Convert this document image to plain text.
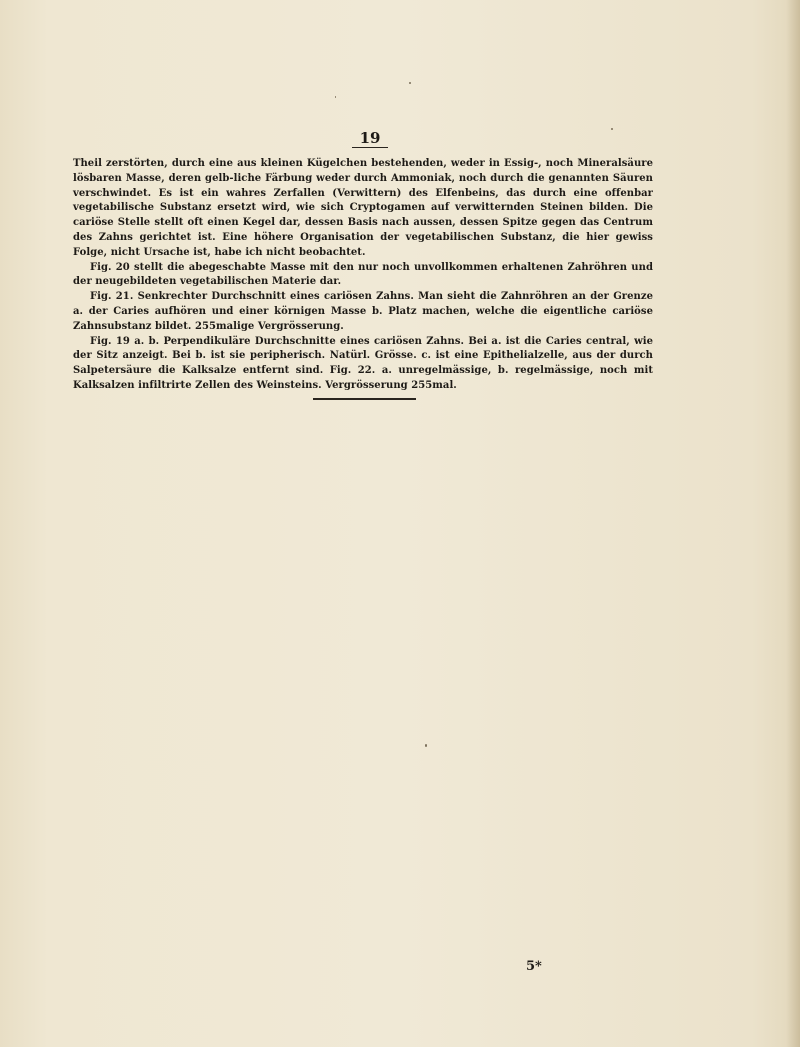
19

Theil zerstörten, durch eine aus kleinen Kügelchen bestehenden, weder in Essig-, noch Mineralsäure lösbaren Masse, deren gelb-liche Färbung weder durch Ammoniak, noch durch die genannten Säuren verschwindet. Es ist ein wahres Zerfallen (Verwittern) des Elfenbeins, das durch eine offenbar vegetabilische Substanz ersetzt wird, wie sich Cryptogamen auf verwitternden Steinen bilden. Die cariöse Stelle stellt oft einen Kegel dar, dessen Basis nach aussen, dessen Spitze gegen das Centrum des Zahns gerichtet ist. Eine höhere Organisation der vegetabilischen Substanz, die hier gewiss Folge, nicht Ursache ist, habe ich nicht beobachtet.

Fig. 20 stellt die abegeschabte Masse mit den nur noch unvollkommen erhaltenen Zahröhren und der neugebildeten vegetabilischen Materie dar.

Fig. 21. Senkrechter Durchschnitt eines cariösen Zahns. Man sieht die Zahnröhren an der Grenze a. der Caries aufhören und einer körnigen Masse b. Platz machen, welche die eigentliche cariöse Zahnsubstanz bildet. 255malige Vergrösserung.

Fig. 19 a. b. Perpendikuläre Durchschnitte eines cariösen Zahns. Bei a. ist die Caries central, wie der Sitz anzeigt. Bei b. ist sie peripherisch. Natürl. Grösse. c. ist eine Epithelialzelle, aus der durch Salpetersäure die Kalksalze entfernt sind. Fig. 22. a. unregelmässige, b. regelmässige, noch mit Kalksalzen infiltrirte Zellen des Weinsteins. Vergrösserung 255mal.

5*
